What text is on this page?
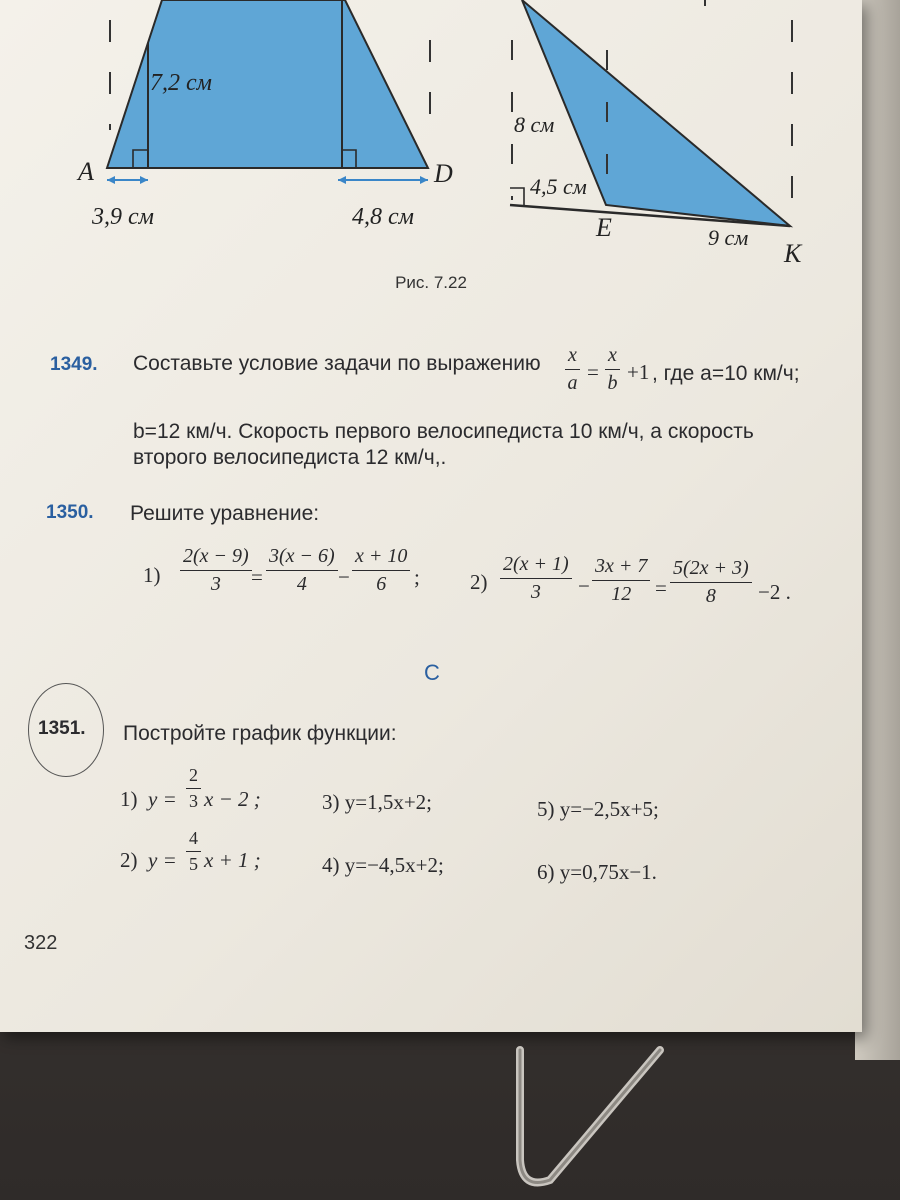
7,2 см
A	D
3,9 см	4,8 см
8 см
4,5 см
E	9 см
K
Рис. 7.22
1349. Составьте условие задачи по выражению $\frac{x}{a} = \frac{x}{b} +1$ , где a=10 км/ч;
b=12 км/ч. Скорость первого велосипедиста 10 км/ч, а скорость
второго велосипедиста 12 км/ч,.
1350. Решите уравнение:
$1) \frac{2(x - 9)}{3} = \frac{3(x - 6)}{4} - \frac{x + 10}{6}$ ; $2) \frac{2(x + 1)}{3} - \frac{3x + 7}{12} = \frac{5(2x + 3)}{8} -2$ .
C
1351. Постройте график функции:
1) $y = \frac{2}{3}$ x − 2 ;
2) $y = \frac{4}{5}$ x + 1 ;
3) y=1,5x+2;
4) y=−4,5x+2;
5) y=−2,5x+5;
6) y=0,75x−1.
322
